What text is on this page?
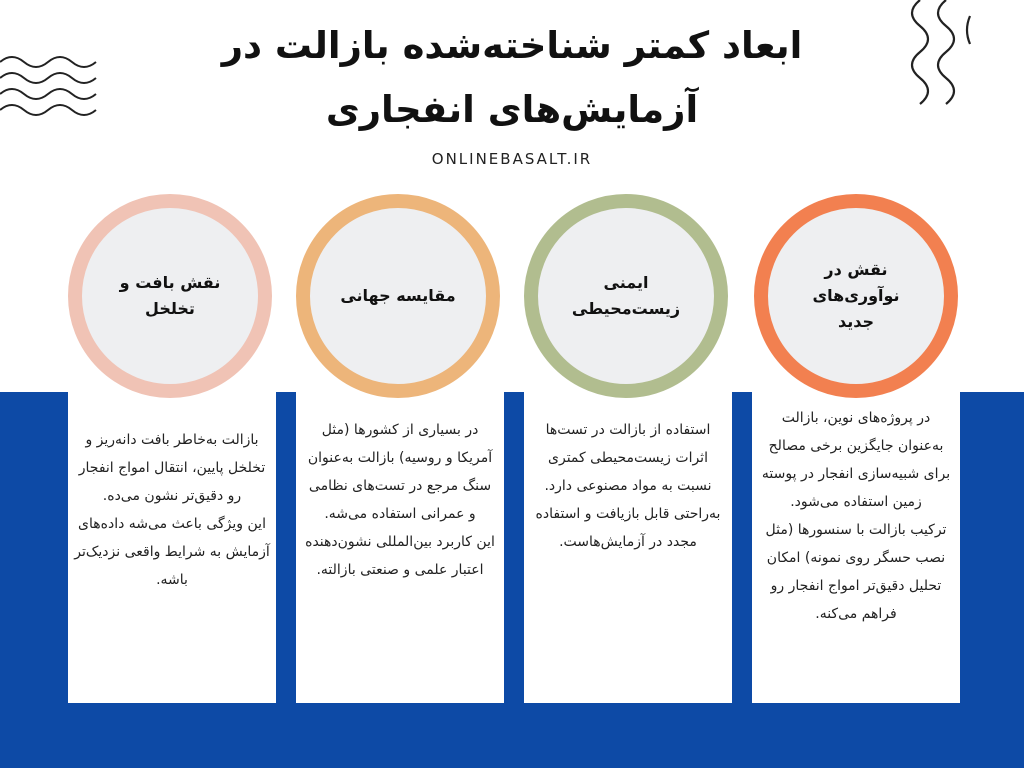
ابعاد کمتر شناخته‌شده بازالت در
آزمایش‌های انفجاری
ONLINEBASALT.IR

بازالت به‌خاطر بافت دانه‌ریز و تخلخل پایین، انتقال امواج انفجار رو دقیق‌تر نشون می‌ده.

این ویژگی باعث می‌شه داده‌های آزمایش به شرایط واقعی نزدیک‌تر باشه.

نقش بافت و تخلخل

در بسیاری از کشورها (مثل آمریکا و روسیه) بازالت به‌عنوان سنگ مرجع در تست‌های نظامی و عمرانی استفاده می‌شه.

این کاربرد بین‌المللی نشون‌دهنده اعتبار علمی و صنعتی بازالته.

مقایسه جهانی

استفاده از بازالت در تست‌ها اثرات زیست‌محیطی کمتری نسبت به مواد مصنوعی دارد.

به‌راحتی قابل بازیافت و استفاده مجدد در آزمایش‌هاست.

ایمنی زیست‌محیطی

در پروژه‌های نوین، بازالت به‌عنوان جایگزین برخی مصالح برای شبیه‌سازی انفجار در پوسته زمین استفاده می‌شود.

ترکیب بازالت با سنسورها (مثل نصب حسگر روی نمونه) امکان تحلیل دقیق‌تر امواج انفجار رو فراهم می‌کنه.

نقش در نوآوری‌های جدید
